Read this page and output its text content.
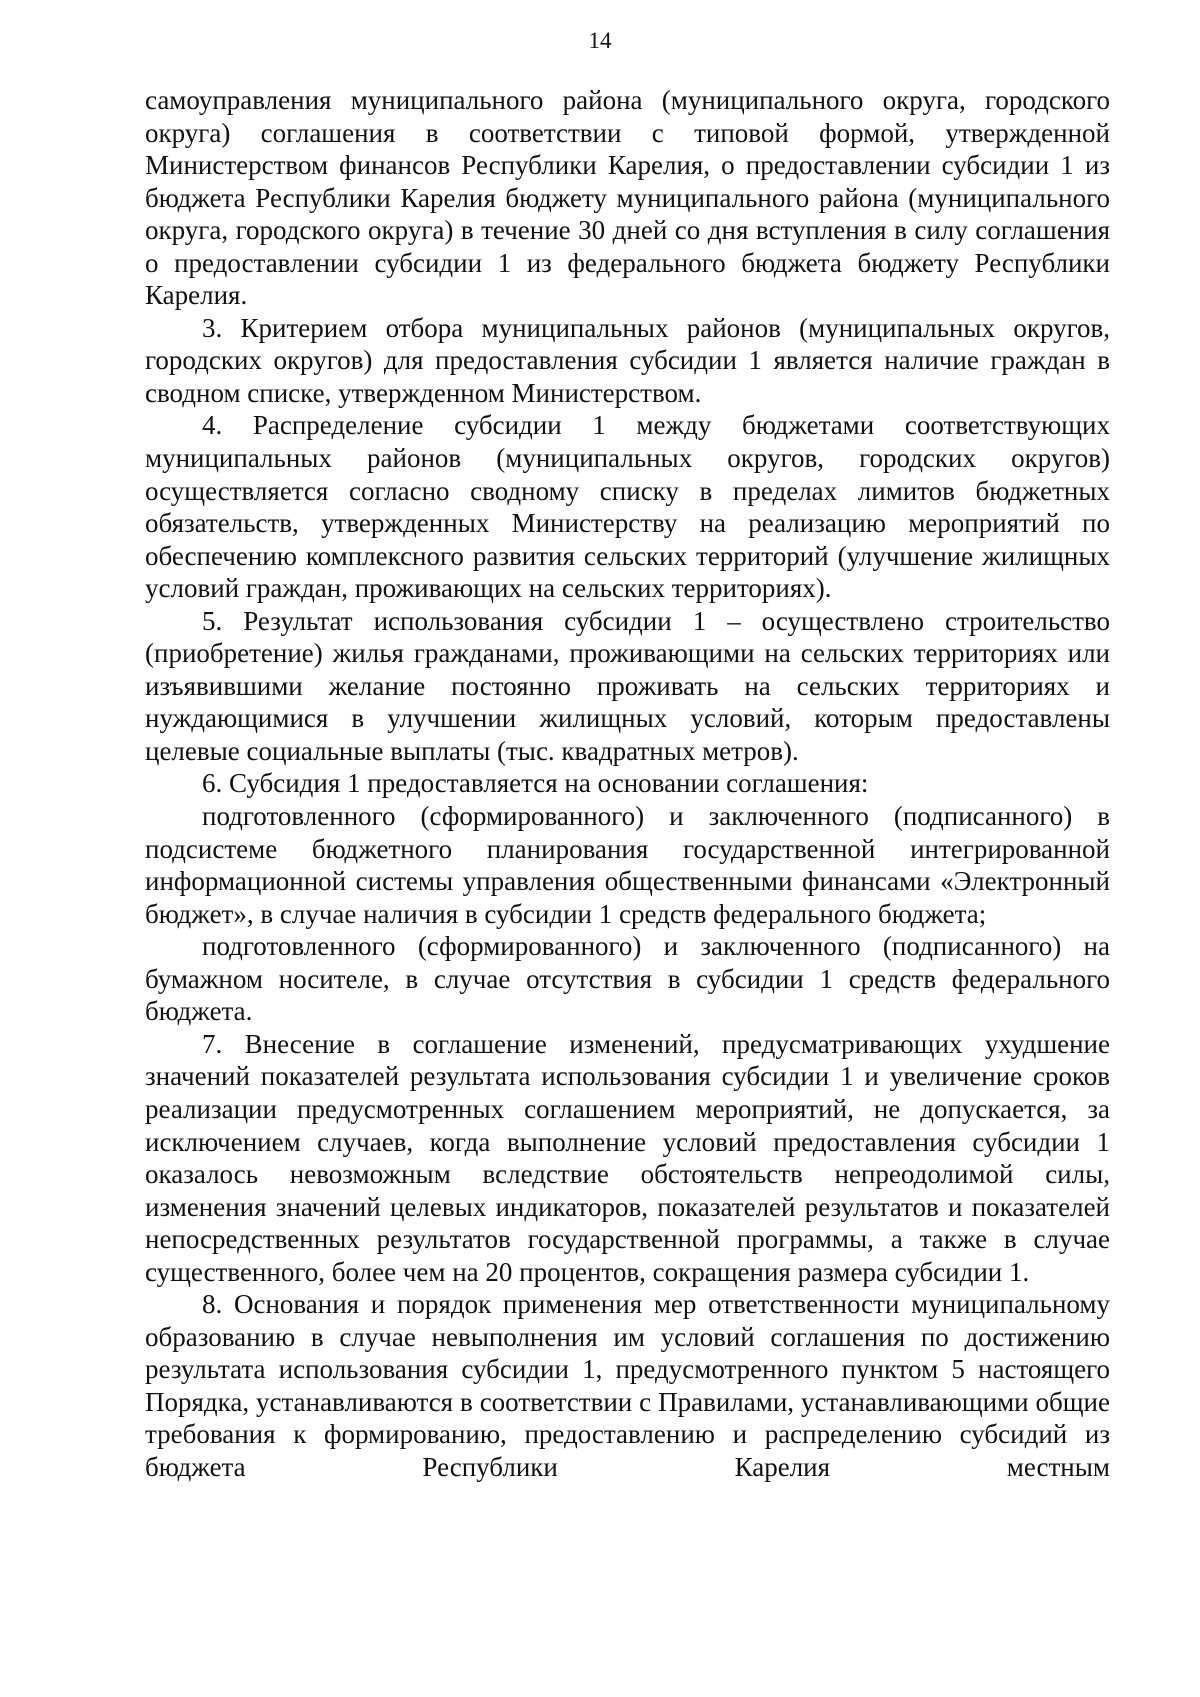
14

самоуправления муниципального района (муниципального округа, городского округа) соглашения в соответствии с типовой формой, утвержденной Министерством финансов Республики Карелия, о предоставлении субсидии 1 из бюджета Республики Карелия бюджету муниципального района (муниципального округа, городского округа) в течение 30 дней со дня вступления в силу соглашения о предоставлении субсидии 1 из федерального бюджета бюджету Республики Карелия.

3. Критерием отбора муниципальных районов (муниципальных округов, городских округов) для предоставления субсидии 1 является наличие граждан в сводном списке, утвержденном Министерством.

4. Распределение субсидии 1 между бюджетами соответствующих муниципальных районов (муниципальных округов, городских округов) осуществляется согласно сводному списку в пределах лимитов бюджетных обязательств, утвержденных Министерству на реализацию мероприятий по обеспечению комплексного развития сельских территорий (улучшение жилищных условий граждан, проживающих на сельских территориях).

5. Результат использования субсидии 1 – осуществлено строительство (приобретение) жилья гражданами, проживающими на сельских территориях или изъявившими желание постоянно проживать на сельских территориях и нуждающимися в улучшении жилищных условий, которым предоставлены целевые социальные выплаты (тыс. квадратных метров).

6. Субсидия 1 предоставляется на основании соглашения:

подготовленного (сформированного) и заключенного (подписанного) в подсистеме бюджетного планирования государственной интегрированной информационной системы управления общественными финансами «Электронный бюджет», в случае наличия в субсидии 1 средств федерального бюджета;

подготовленного (сформированного) и заключенного (подписанного) на бумажном носителе, в случае отсутствия в субсидии 1 средств федерального бюджета.

7. Внесение в соглашение изменений, предусматривающих ухудшение значений показателей результата использования субсидии 1 и увеличение сроков реализации предусмотренных соглашением мероприятий, не допускается, за исключением случаев, когда выполнение условий предоставления субсидии 1 оказалось невозможным вследствие обстоятельств непреодолимой силы, изменения значений целевых индикаторов, показателей результатов и показателей непосредственных результатов государственной программы, а также в случае существенного, более чем на 20 процентов, сокращения размера субсидии 1.

8. Основания и порядок применения мер ответственности муниципальному образованию в случае невыполнения им условий соглашения по достижению результата использования субсидии 1, предусмотренного пунктом 5 настоящего Порядка, устанавливаются в соответствии с Правилами, устанавливающими общие требования к формированию, предоставлению и распределению субсидий из бюджета Республики Карелия местным
